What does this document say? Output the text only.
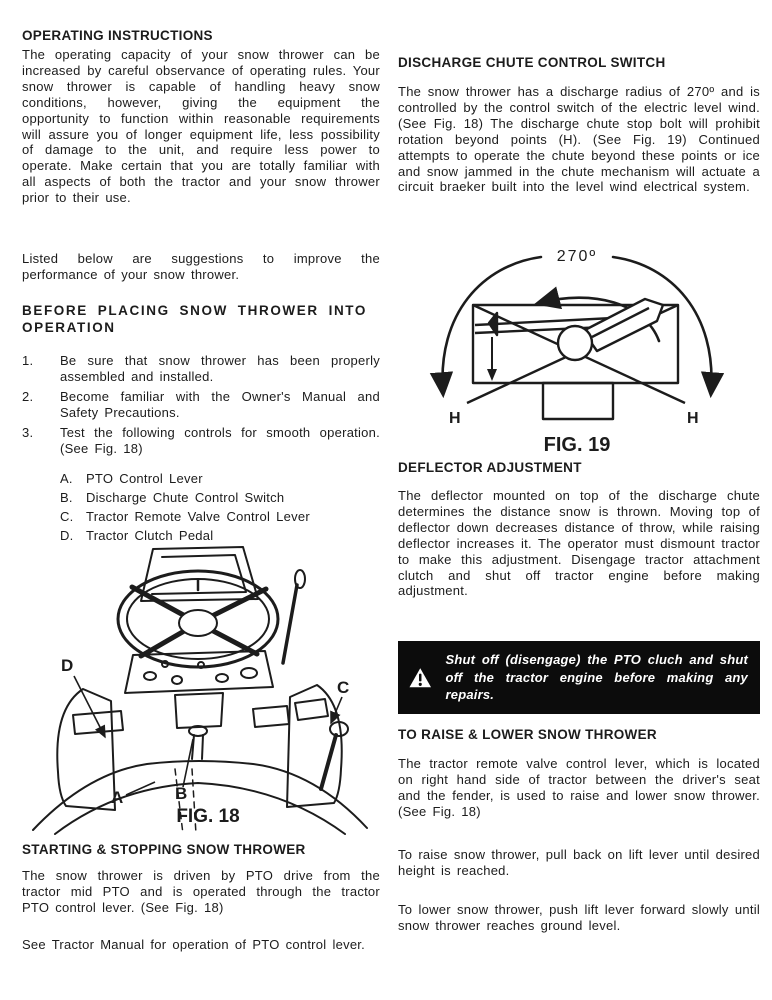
OPERATING INSTRUCTIONS
The operating capacity of your snow thrower can be increased by careful observance of operating rules. Your snow thrower is capable of handling heavy snow conditions, however, giving the equipment the opportunity to function within reasonable requirements will assure you of longer equipment life, less possibility of damage to the unit, and require less power to operate. Make certain that you are totally familiar with all aspects of both the tractor and your snow thrower prior to their use.
Listed below are suggestions to improve the performance of your snow thrower.
BEFORE PLACING SNOW THROWER INTO OPERATION
1.	Be sure that snow thrower has been properly assembled and installed.
2.	Become familiar with the Owner's Manual and Safety Precautions.
3.	Test the following controls for smooth operation. (See Fig. 18)
A.	PTO Control Lever
B.	Discharge Chute Control Switch
C. Tractor Remote Valve Control Lever
D. Tractor Clutch Pedal
D
C
A	B
FIG. 18
STARTING & STOPPING SNOW THROWER
The snow thrower is driven by PTO drive from the tractor mid PTO and is operated through the tractor PTO control lever. (See Fig. 18)
See Tractor Manual for operation of PTO control lever.
DISCHARGE CHUTE CONTROL SWITCH
The snow thrower has a discharge radius of 270º and is controlled by the control switch of the electric level wind. (See Fig. 18) The discharge chute stop bolt will prohibit rotation beyond points (H). (See Fig. 19) Continued attempts to operate the chute beyond these points or ice and snow jammed in the chute mechanism will actuate a circuit braeker built into the level wind electrical system.
270º
H	H
FIG. 19
DEFLECTOR ADJUSTMENT
The deflector mounted on top of the discharge chute determines the distance snow is thrown. Moving top of deflector down decreases distance of throw, while raising deflector increases it. The operator must dismount tractor to make this adjustment. Disengage tractor attachment clutch and shut off tractor engine before making adjustment.
Shut off (disengage) the PTO cluch and shut off the tractor engine before making any repairs.
TO RAISE & LOWER SNOW THROWER
The tractor remote valve control lever, which is located on right hand side of tractor between the driver's seat and the fender, is used to raise and lower snow thrower. (See Fig. 18)
To raise snow thrower, pull back on lift lever until desired height is reached.
To lower snow thrower, push lift lever forward slowly until snow thrower reaches ground level.
